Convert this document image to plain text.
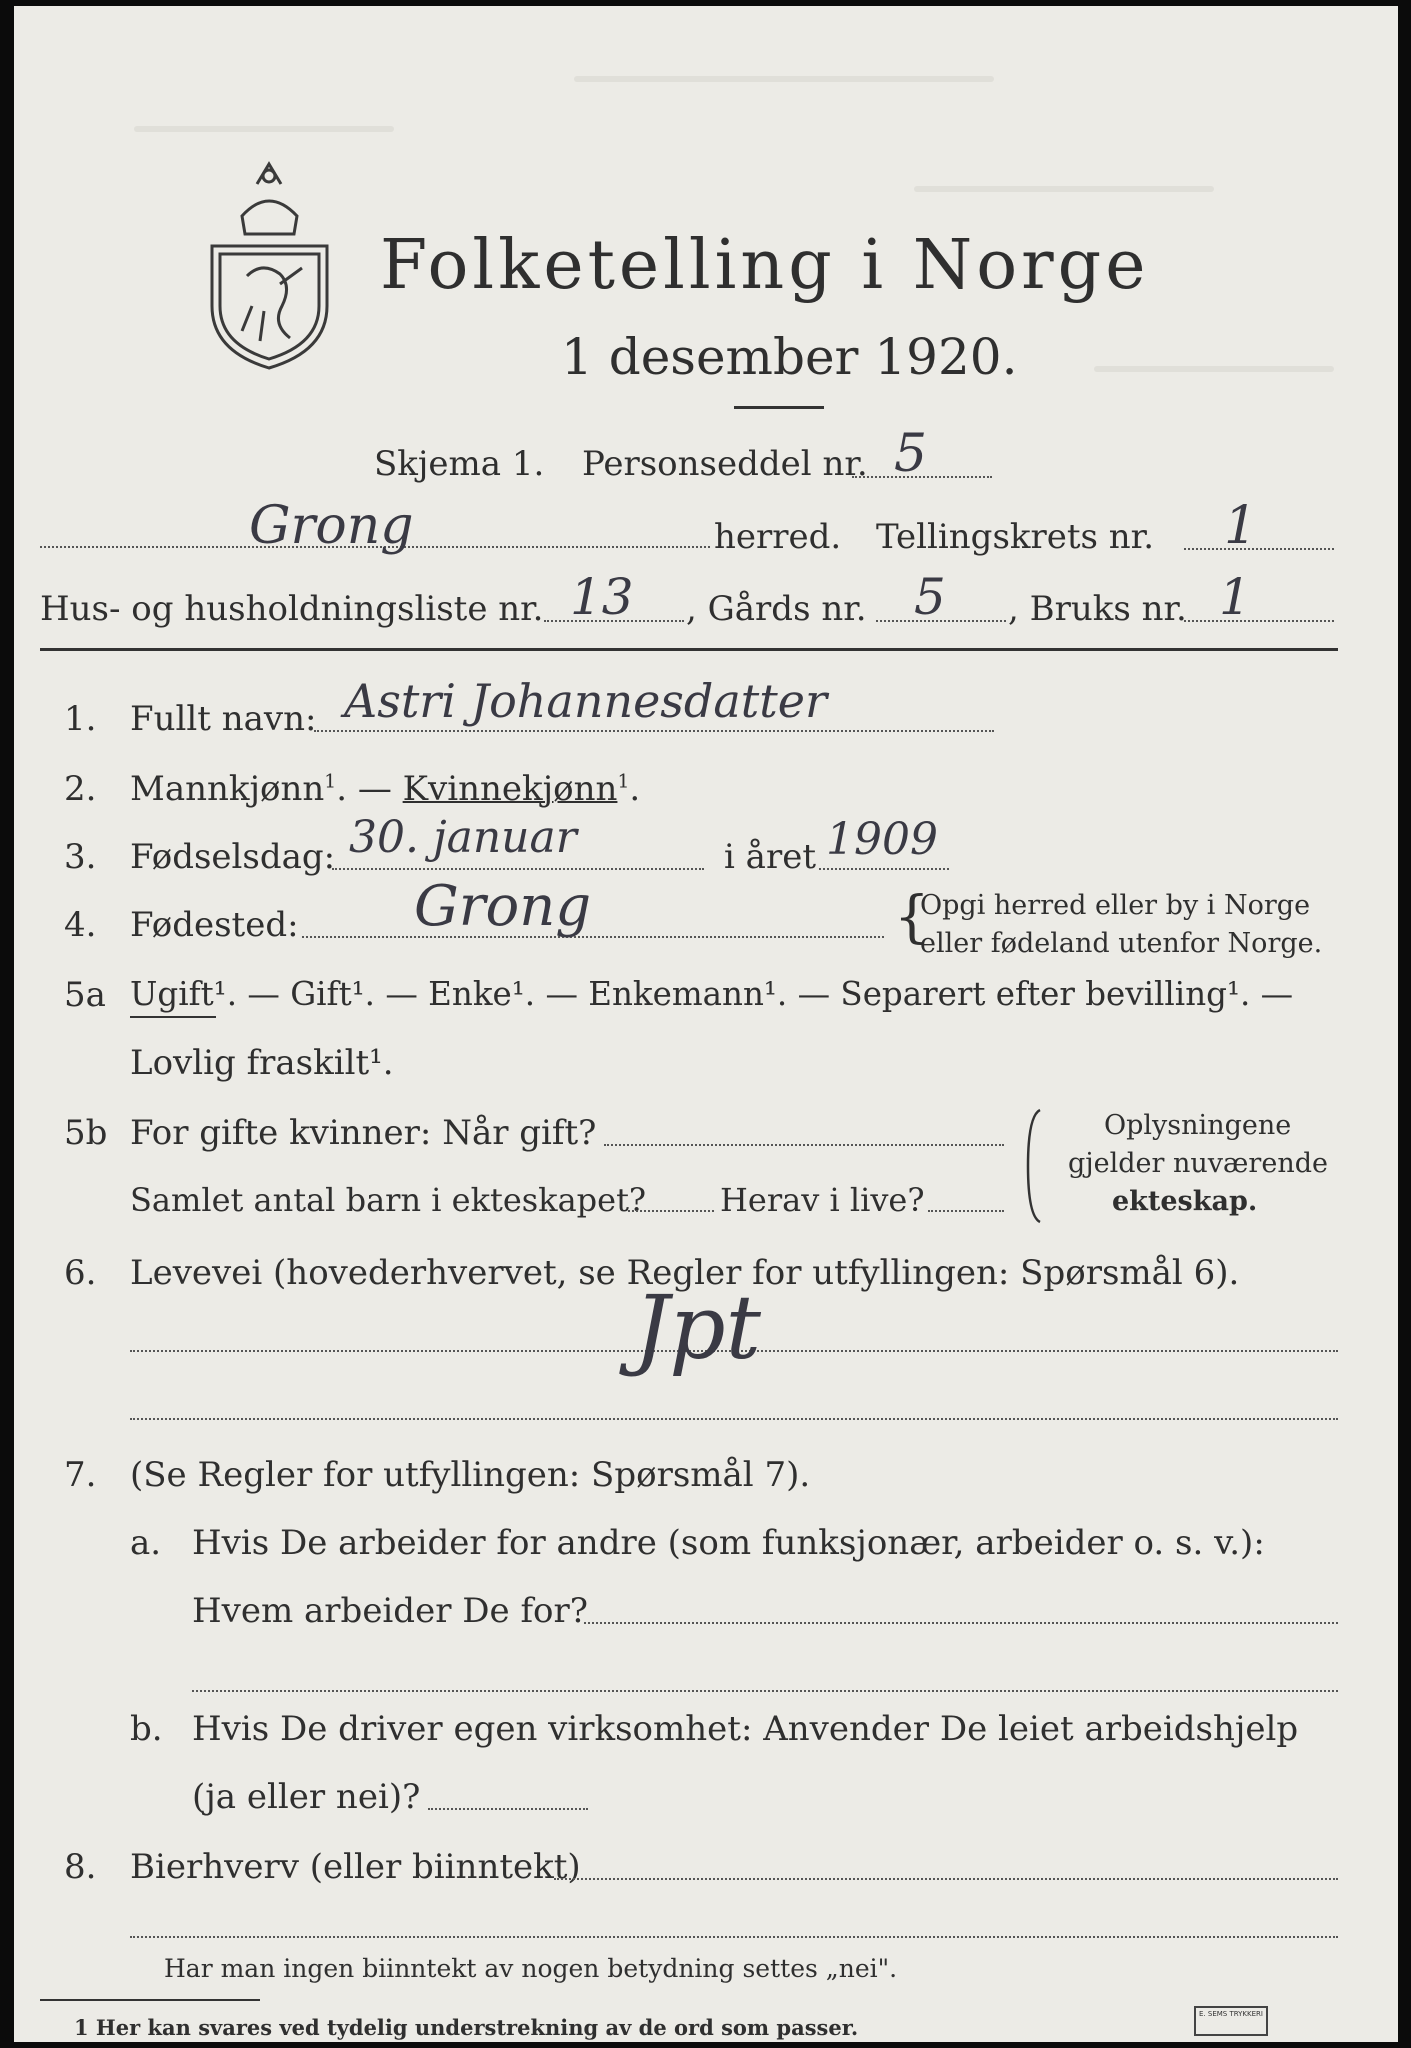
Folketelling i Norge
1 desember 1920.
Skjema 1. Personseddel nr. 5
Grong	herred. Tellingskrets nr. 1
Hus- og husholdningsliste nr. 13 , Gårds nr. 5 , Bruks nr. 1
1. Fullt navn: Astri Johannesdatter
2. Mannkjønn$^1$. — Kvinnekjønn$^1$.
3. Fødselsdag: 30. januar	i året 1909
4. Fødested: Grong	{
Opgi herred eller by i Norge
eller fødeland utenfor Norge.
5a Ugift¹. — Gift¹. — Enke¹. — Enkemann¹. — Separert efter bevilling¹. —
Lovlig fraskilt¹.
5b For gifte kvinner: Når gift?
Samlet antal barn i ekteskapet? Herav i live?
Oplysningene
gjelder nuværende
ekteskap.
6. Levevei (hovederhvervet, se Regler for utfyllingen: Spørsmål 6).
Jpt
7. (Se Regler for utfyllingen: Spørsmål 7).
a. Hvis De arbeider for andre (som funksjonær, arbeider o. s. v.):
Hvem arbeider De for?
b. Hvis De driver egen virksomhet: Anvender De leiet arbeidshjelp
(ja eller nei)?
8. Bierhverv (eller biinntekt)
Har man ingen biinntekt av nogen betydning settes „nei".
1 Her kan svares ved tydelig understrekning av de ord som passer.
E. SEMS TRYKKERI
